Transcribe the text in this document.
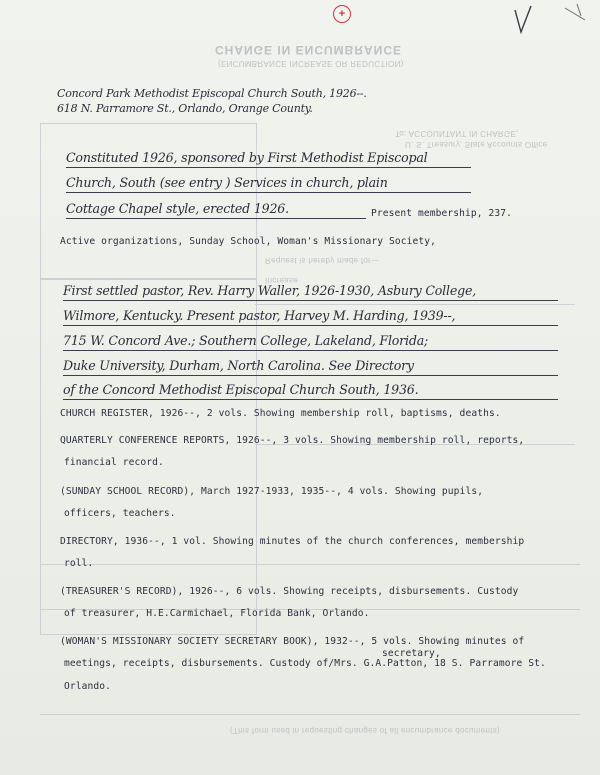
CHANGE IN ENCUMBRANCE
(ENCUMBRANCE INCREASE OR REDUCTION)
To: ACCOUNTANT IN CHARGE,
U. S. Treasury, State Accounts Office
Request is hereby made for—
Increase
(This form used in requesting changes of all encumbrance documents)
+
Concord Park Methodist Episcopal Church South, 1926--.
618 N. Parramore St., Orlando, Orange County.
Constituted 1926, sponsored by First Methodist Episcopal
Church, South (see entry ) Services in church, plain
Cottage Chapel style, erected 1926.	Present membership, 237.
Active organizations, Sunday School, Woman's Missionary Society,
First settled pastor, Rev. Harry Waller, 1926-1930, Asbury College,
Wilmore, Kentucky. Present pastor, Harvey M. Harding, 1939--,
715 W. Concord Ave.; Southern College, Lakeland, Florida;
Duke University, Durham, North Carolina. See Directory
of the Concord Methodist Episcopal Church South, 1936.
CHURCH REGISTER, 1926--, 2 vols. Showing membership roll, baptisms, deaths.
QUARTERLY CONFERENCE REPORTS, 1926--, 3 vols. Showing membership roll, reports,
financial record.
(SUNDAY SCHOOL RECORD), March 1927-1933, 1935--, 4 vols. Showing pupils,
officers, teachers.
DIRECTORY, 1936--, 1 vol. Showing minutes of the church conferences, membership
roll.
(TREASURER'S RECORD), 1926--, 6 vols. Showing receipts, disbursements. Custody
of treasurer, H.E.Carmichael, Florida Bank, Orlando.
(WOMAN'S MISSIONARY SOCIETY SECRETARY BOOK), 1932--, 5 vols. Showing minutes of
secretary,
meetings, receipts, disbursements. Custody of/Mrs. G.A.Patton, 18 S. Parramore St.
Orlando.
